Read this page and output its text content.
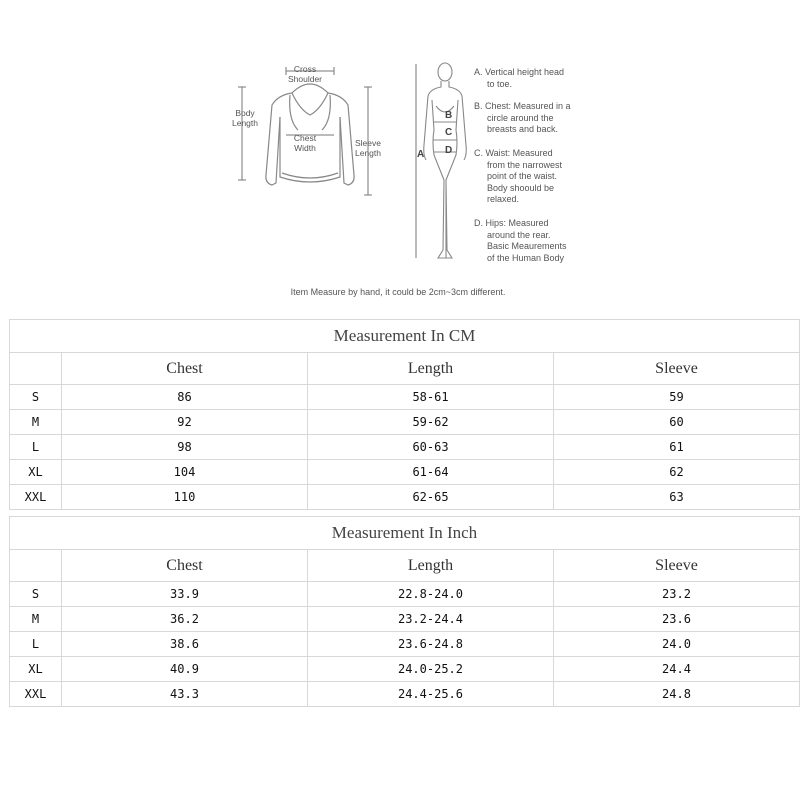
Cross
Shoulder
Body
Length
Chest
Width	Sleeve
Length	A
B
C
D
A. Vertical height head
to toe.
B. Chest: Measured in a
circle around the
breasts and back.
C. Waist: Measured
from the narrowest
point of the waist.
Body shoould be
relaxed.
D. Hips: Measured
around the rear.
Basic Meaurements
of the Human Body
Item Measure by hand, it could be 2cm~3cm different.
Measurement In CM			
	Chest	Length	Sleeve
S	86	58-61	59
M	92	59-62	60
L	98	60-63	61
XL	104	61-64	62
XXL	110	62-65	63
Measurement In Inch			
	Chest	Length	Sleeve
S	33.9	22.8-24.0	23.2
M	36.2	23.2-24.4	23.6
L	38.6	23.6-24.8	24.0
XL	40.9	24.0-25.2	24.4
XXL	43.3	24.4-25.6	24.8
